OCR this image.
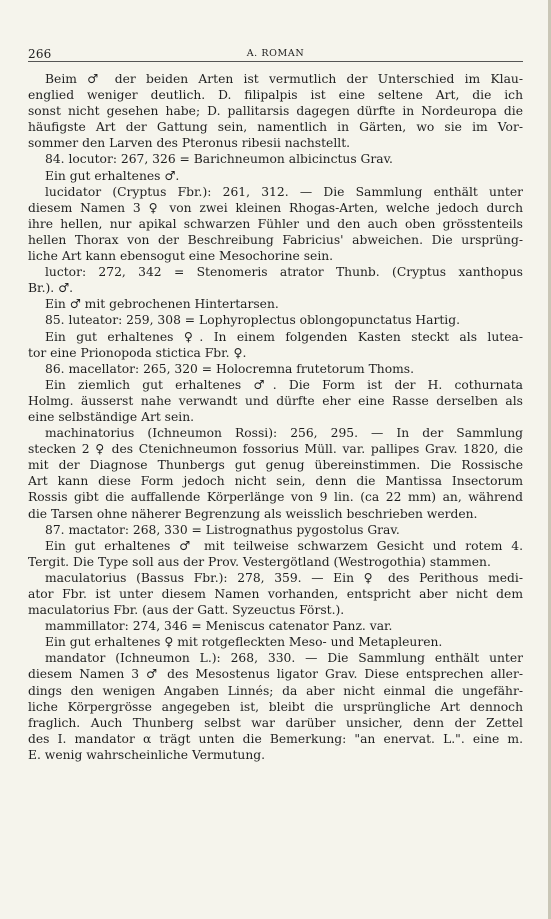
266	A. ROMAN
Beim ♂ der beiden Arten ist vermutlich der Unterschied im Klau-
englied weniger deutlich. D. filipalpis ist eine seltene Art, die ich
sonst nicht gesehen habe; D. pallitarsis dagegen dürfte in Nordeuropa die
häufigste Art der Gattung sein, namentlich in Gärten, wo sie im Vor-
sommer den Larven des Pteronus ribesii nachstellt.
84. locutor: 267, 326 = Barichneumon albicinctus Grav.
Ein gut erhaltenes ♂.
lucidator (Cryptus Fbr.): 261, 312. — Die Sammlung enthält unter
diesem Namen 3 ♀ von zwei kleinen Rhogas-Arten, welche jedoch durch
ihre hellen, nur apikal schwarzen Fühler und den auch oben grösstenteils
hellen Thorax von der Beschreibung Fabricius' abweichen. Die ursprüng-
liche Art kann ebensogut eine Mesochorine sein.
luctor: 272, 342 = Stenomeris atrator Thunb. (Cryptus xanthopus
Br.). ♂.
Ein ♂ mit gebrochenen Hintertarsen.
85. luteator: 259, 308 = Lophyroplectus oblongopunctatus Hartig.
Ein gut erhaltenes ♀. In einem folgenden Kasten steckt als lutea-
tor eine Prionopoda stictica Fbr. ♀.
86. macellator: 265, 320 = Holocremna frutetorum Thoms.
Ein ziemlich gut erhaltenes ♂. Die Form ist der H. cothurnata
Holmg. äusserst nahe verwandt und dürfte eher eine Rasse derselben als
eine selbständige Art sein.
machinatorius (Ichneumon Rossi): 256, 295. — In der Sammlung
stecken 2 ♀ des Ctenichneumon fossorius Müll. var. pallipes Grav. 1820, die
mit der Diagnose Thunbergs gut genug übereinstimmen. Die Rossische
Art kann diese Form jedoch nicht sein, denn die Mantissa Insectorum
Rossis gibt die auffallende Körperlänge von 9 lin. (ca 22 mm) an, während
die Tarsen ohne näherer Begrenzung als weisslich beschrieben werden.
87. mactator: 268, 330 = Listrognathus pygostolus Grav.
Ein gut erhaltenes ♂ mit teilweise schwarzem Gesicht und rotem 4.
Tergit. Die Type soll aus der Prov. Vestergötland (Westrogothia) stammen.
maculatorius (Bassus Fbr.): 278, 359. — Ein ♀ des Perithous medi-
ator Fbr. ist unter diesem Namen vorhanden, entspricht aber nicht dem
maculatorius Fbr. (aus der Gatt. Syzeuctus Först.).
mammillator: 274, 346 = Meniscus catenator Panz. var.
Ein gut erhaltenes ♀ mit rotgefleckten Meso- und Metapleuren.
mandator (Ichneumon L.): 268, 330. — Die Sammlung enthält unter
diesem Namen 3 ♂ des Mesostenus ligator Grav. Diese entsprechen aller-
dings den wenigen Angaben Linnés; da aber nicht einmal die ungefähr-
liche Körpergrösse angegeben ist, bleibt die ursprüngliche Art dennoch
fraglich. Auch Thunberg selbst war darüber unsicher, denn der Zettel
des I. mandator α trägt unten die Bemerkung: "an enervat. L.". eine m.
E. wenig wahrscheinliche Vermutung.
